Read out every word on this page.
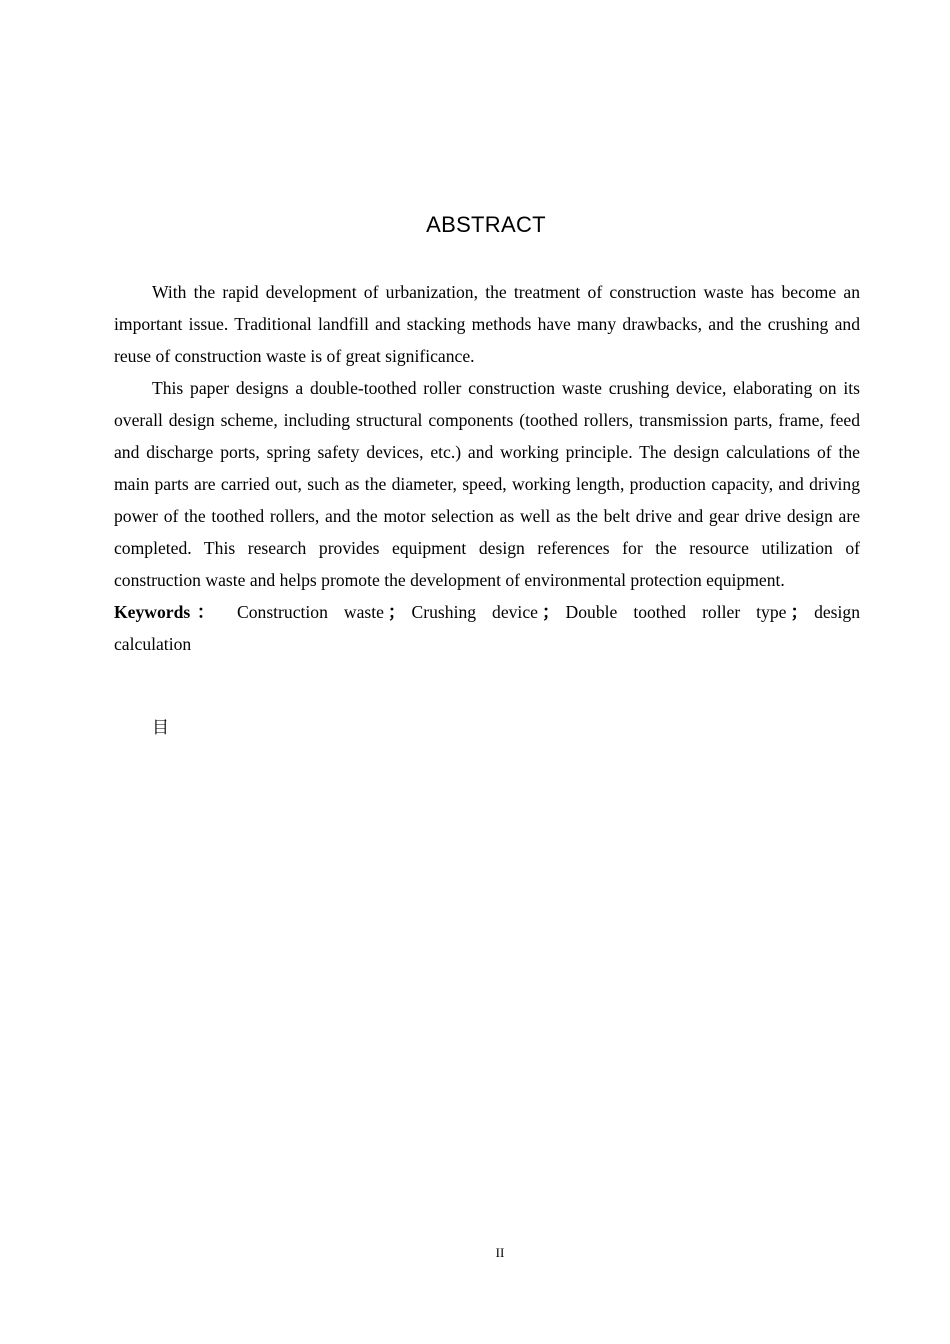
ABSTRACT

With the rapid development of urbanization, the treatment of construction waste has become an important issue. Traditional landfill and stacking methods have many drawbacks, and the crushing and reuse of construction waste is of great significance.

This paper designs a double-toothed roller construction waste crushing device, elaborating on its overall design scheme, including structural components (toothed rollers, transmission parts, frame, feed and discharge ports, spring safety devices, etc.) and working principle. The design calculations of the main parts are carried out, such as the diameter, speed, working length, production capacity, and driving power of the toothed rollers, and the motor selection as well as the belt drive and gear drive design are completed. This research provides equipment design references for the resource utilization of construction waste and helps promote the development of environmental protection equipment.

Keywords： Construction waste ； Crushing device ； Double toothed roller type ； design calculation

目
II
